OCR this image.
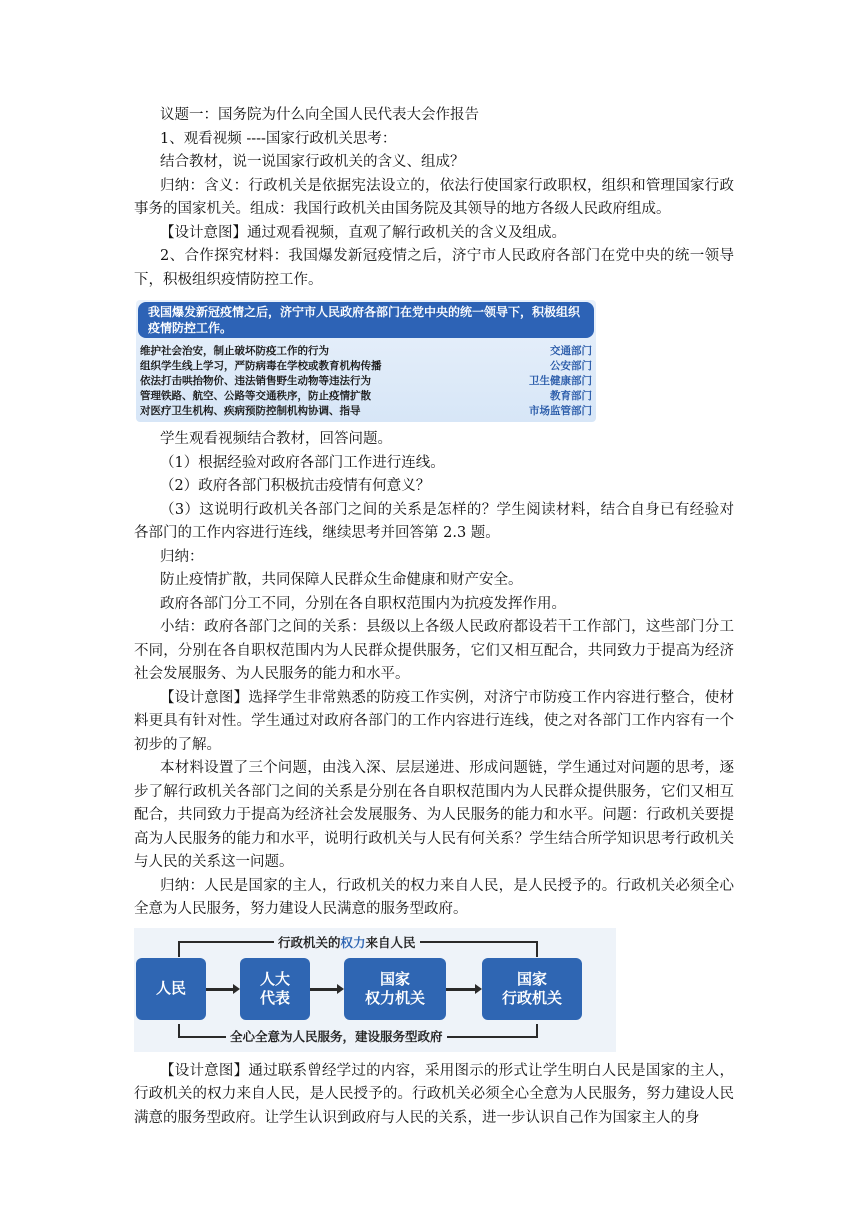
议题一：国务院为什么向全国人民代表大会作报告

1、观看视频 ----国家行政机关思考：

结合教材，说一说国家行政机关的含义、组成？

归纳：含义：行政机关是依据宪法设立的，依法行使国家行政职权，组织和管理国家行政事务的国家机关。组成：我国行政机关由国务院及其领导的地方各级人民政府组成。

【设计意图】通过观看视频，直观了解行政机关的含义及组成。

2、合作探究材料：我国爆发新冠疫情之后，济宁市人民政府各部门在党中央的统一领导下，积极组织疫情防控工作。

我国爆发新冠疫情之后，济宁市人民政府各部门在党中央的统一领导下，积极组织疫情防控工作。
维护社会治安，制止破坏防疫工作的行为	交通部门
组织学生线上学习，严防病毒在学校或教育机构传播	公安部门
依法打击哄抬物价、违法销售野生动物等违法行为	卫生健康部门
管理铁路、航空、公路等交通秩序，防止疫情扩散	教育部门
对医疗卫生机构、疾病预防控制机构协调、指导	市场监管部门

学生观看视频结合教材，回答问题。

（1）根据经验对政府各部门工作进行连线。

（2）政府各部门积极抗击疫情有何意义？

（3）这说明行政机关各部门之间的关系是怎样的？学生阅读材料，结合自身已有经验对各部门的工作内容进行连线，继续思考并回答第 2.3 题。

归纳：

防止疫情扩散，共同保障人民群众生命健康和财产安全。

政府各部门分工不同，分别在各自职权范围内为抗疫发挥作用。

小结：政府各部门之间的关系：县级以上各级人民政府都设若干工作部门，这些部门分工不同，分别在各自职权范围内为人民群众提供服务，它们又相互配合，共同致力于提高为经济社会发展服务、为人民服务的能力和水平。

【设计意图】选择学生非常熟悉的防疫工作实例，对济宁市防疫工作内容进行整合，使材料更具有针对性。学生通过对政府各部门的工作内容进行连线，使之对各部门工作内容有一个初步的了解。

本材料设置了三个问题，由浅入深、层层递进、形成问题链，学生通过对问题的思考，逐步了解行政机关各部门之间的关系是分别在各自职权范围内为人民群众提供服务，它们又相互配合，共同致力于提高为经济社会发展服务、为人民服务的能力和水平。问题：行政机关要提高为人民服务的能力和水平，说明行政机关与人民有何关系？学生结合所学知识思考行政机关与人民的关系这一问题。

归纳：人民是国家的主人，行政机关的权力来自人民，是人民授予的。行政机关必须全心全意为人民服务，努力建设人民满意的服务型政府。

行政机关的权力来自人民
全心全意为人民服务，建设服务型政府
人民
人大
代表
国家
权力机关
国家
行政机关

【设计意图】通过联系曾经学过的内容，采用图示的形式让学生明白人民是国家的主人，行政机关的权力来自人民，是人民授予的。行政机关必须全心全意为人民服务，努力建设人民满意的服务型政府。让学生认识到政府与人民的关系，进一步认识自己作为国家主人的身
